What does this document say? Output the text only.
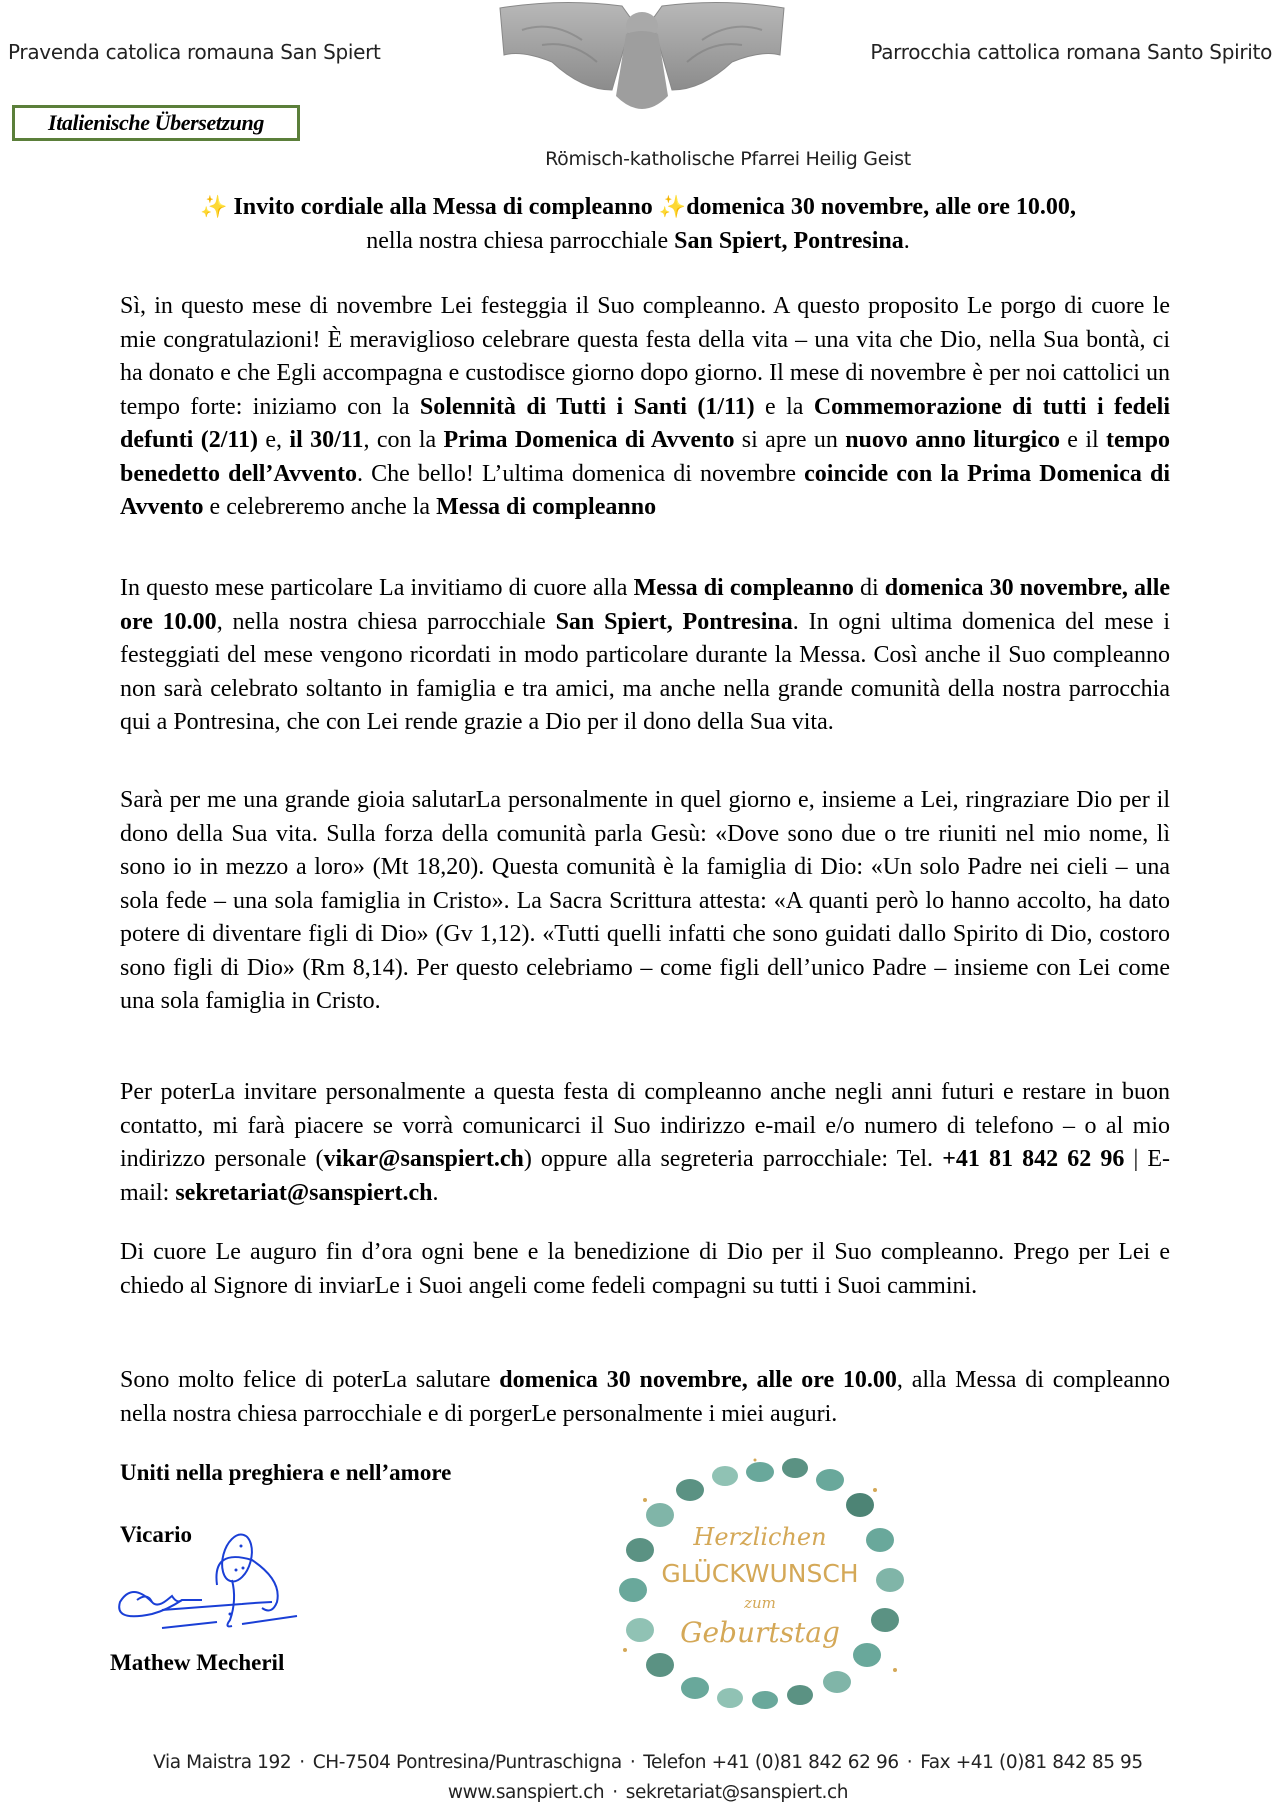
Pravenda catolica romauna San Spiert	Parrocchia cattolica romana Santo Spirito
Italienische Übersetzung
Römisch-katholische Pfarrei Heilig Geist
✨ Invito cordiale alla Messa di compleanno ✨domenica 30 novembre, alle ore 10.00,
nella nostra chiesa parrocchiale San Spiert, Pontresina.

Sì, in questo mese di novembre Lei festeggia il Suo compleanno. A questo proposito Le porgo di cuore le mie congratulazioni! È meraviglioso celebrare questa festa della vita – una vita che Dio, nella Sua bontà, ci ha donato e che Egli accompagna e custodisce giorno dopo giorno. Il mese di novembre è per noi cattolici un tempo forte: iniziamo con la Solennità di Tutti i Santi (1/11) e la Commemorazione di tutti i fedeli defunti (2/11) e, il 30/11, con la Prima Domenica di Avvento si apre un nuovo anno liturgico e il tempo benedetto dell’Avvento. Che bello! L’ultima domenica di novembre coincide con la Prima Domenica di Avvento e celebreremo anche la Messa di compleanno

In questo mese particolare La invitiamo di cuore alla Messa di compleanno di domenica 30 novembre, alle ore 10.00, nella nostra chiesa parrocchiale San Spiert, Pontresina. In ogni ultima domenica del mese i festeggiati del mese vengono ricordati in modo particolare durante la Messa. Così anche il Suo compleanno non sarà celebrato soltanto in famiglia e tra amici, ma anche nella grande comunità della nostra parrocchia qui a Pontresina, che con Lei rende grazie a Dio per il dono della Sua vita.

Sarà per me una grande gioia salutarLa personalmente in quel giorno e, insieme a Lei, ringraziare Dio per il dono della Sua vita. Sulla forza della comunità parla Gesù: «Dove sono due o tre riuniti nel mio nome, lì sono io in mezzo a loro» (Mt 18,20). Questa comunità è la famiglia di Dio: «Un solo Padre nei cieli – una sola fede – una sola famiglia in Cristo». La Sacra Scrittura attesta: «A quanti però lo hanno accolto, ha dato potere di diventare figli di Dio» (Gv 1,12). «Tutti quelli infatti che sono guidati dallo Spirito di Dio, costoro sono figli di Dio» (Rm 8,14). Per questo celebriamo – come figli dell’unico Padre – insieme con Lei come una sola famiglia in Cristo.

Per poterLa invitare personalmente a questa festa di compleanno anche negli anni futuri e restare in buon contatto, mi farà piacere se vorrà comunicarci il Suo indirizzo e-mail e/o numero di telefono – o al mio indirizzo personale (vikar@sanspiert.ch) oppure alla segreteria parrocchiale: Tel. +41 81 842 62 96 | E-mail: sekretariat@sanspiert.ch.

Di cuore Le auguro fin d’ora ogni bene e la benedizione di Dio per il Suo compleanno. Prego per Lei e chiedo al Signore di inviarLe i Suoi angeli come fedeli compagni su tutti i Suoi cammini.

Sono molto felice di poterLa salutare domenica 30 novembre, alle ore 10.00, alla Messa di compleanno nella nostra chiesa parrocchiale e di porgerLe personalmente i miei auguri.

Uniti nella preghiera e nell’amore
Vicario
Mathew Mecheril
Herzlichen
GLÜCKWUNSCH
zum
Geburtstag
Via Maistra 192 · CH-7504 Pontresina/Puntraschigna · Telefon +41 (0)81 842 62 96 · Fax +41 (0)81 842 85 95
www.sanspiert.ch · sekretariat@sanspiert.ch
